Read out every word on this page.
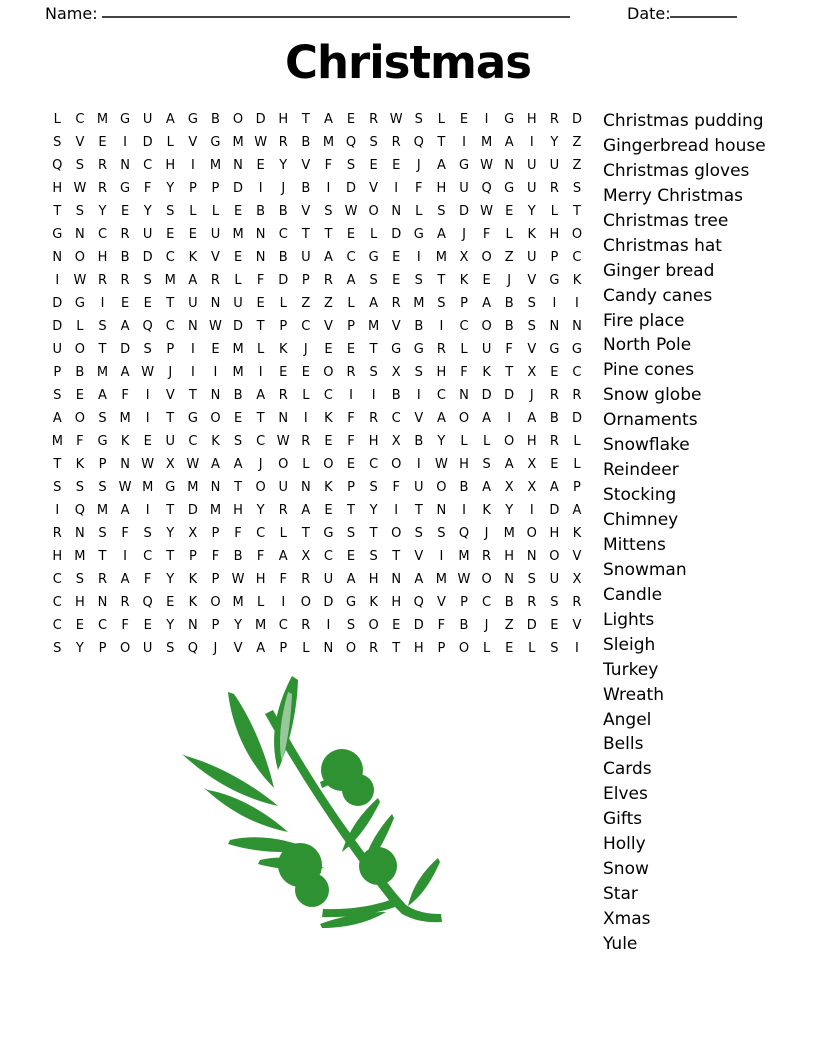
Name:	Date:
Christmas
L	C M G U	A	G	B	O D H	T	A	E	R W S	L	E	I	G H	R	D
S	V	E	I	D	L	V	G M W R	B M Q	S	R Q	T	I	M A	I	Y	Z
Q	S	R	N	C	H	I	M N	E	Y	V	F	S	E	E	J	A	G W N U	U	Z
H W R	G	F	Y	P	P	D	I	J	B	I	D	V	I	F	H U Q G U	R	S
T	S	Y	E	Y	S	L	L	E	B	B	V	S W O N	L	S	D W E	Y	L	T
G N	C	R	U	E	E	U M N	C	T	T	E	L	D G	A	J	F	L	K	H O
N O H	B	D	C	K	V	E	N	B	U	A	C	G	E	I	M X	O	Z	U	P	C
I	W R	R	S M A	R	L	F	D	P	R	A	S	E	S	T	K	E	J	V	G	K
D G	I	E	E	T	U N U	E	L	Z	Z	L	A	R M S	P	A	B	S	I	I
D	L	S	A	Q C	N W D	T	P	C	V	P	M V	B	I	C O	B	S	N N
U O	T	D	S	P	I	E M	L	K	J	E	E	T	G G	R	L	U	F	V	G G
P	B M A W	J	I	I	M	I	E	E	O R	S	X	S	H	F	K	T	X	E	C
S	E	A	F	I	V	T	N	B	A	R	L	C	I	I	B	I	C	N D D	J	R	R
A	O	S M	I	T	G O	E	T	N	I	K	F	R	C	V	A	O	A	I	A	B	D
M	F	G	K	E	U	C	K	S	C W R	E	F	H	X	B	Y	L	L	O H	R	L
T	K	P	N W X W A	A	J	O	L	O	E	C O	I	W H	S	A	X	E	L
S	S	S W M G M N	T	O U N	K	P	S	F	U O	B	A	X	X	A	P
I	Q M A	I	T	D M H	Y	R	A	E	T	Y	I	T	N	I	K	Y	I	D	A
R	N	S	F	S	Y	X	P	F	C	L	T	G	S	T	O	S	S	Q	J	M O H	K
H M	T	I	C	T	P	F	B	F	A	X	C	E	S	T	V	I	M R	H N O	V
C	S	R	A	F	Y	K	P W H	F	R	U	A	H N	A M W O N	S	U	X
C	H N	R Q	E	K	O M	L	I	O D G	K	H Q	V	P	C	B	R	S	R
C	E	C	F	E	Y	N	P	Y	M C	R	I	S	O	E	D	F	B	J	Z	D	E	V
S	Y	P	O U	S	Q	J	V	A	P	L	N O R	T	H	P	O	L	E	L	S	I
Christmas pudding
Gingerbread house
Christmas gloves
Merry Christmas
Christmas tree
Christmas hat
Ginger bread
Candy canes
Fire place
North Pole
Pine cones
Snow globe
Ornaments
Snowflake
Reindeer
Stocking
Chimney
Mittens
Snowman
Candle
Lights
Sleigh
Turkey
Wreath
Angel
Bells
Cards
Elves
Gifts
Holly
Snow
Star
Xmas
Yule
